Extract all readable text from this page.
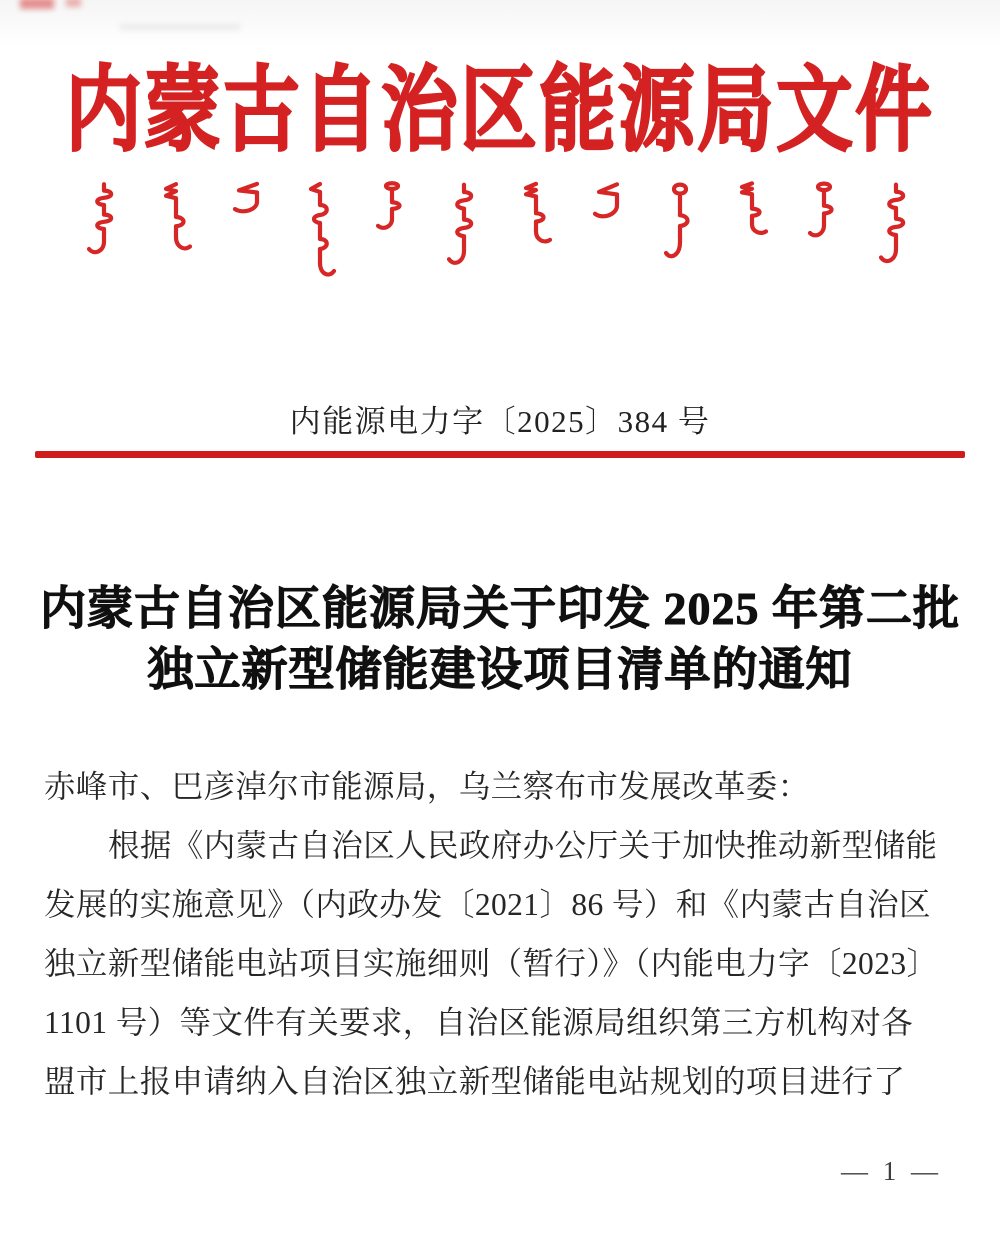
内蒙古自治区能源局文件
内能源电力字〔2025〕384 号
内蒙古自治区能源局关于印发 2025 年第二批
独立新型储能建设项目清单的通知
赤峰市、巴彦淖尔市能源局，乌兰察布市发展改革委：
根据《内蒙古自治区人民政府办公厅关于加快推动新型储能
发展的实施意见》（内政办发〔2021〕86 号）和《内蒙古自治区
独立新型储能电站项目实施细则（暂行）》（内能电力字〔2023〕
1101 号）等文件有关要求，自治区能源局组织第三方机构对各
盟市上报申请纳入自治区独立新型储能电站规划的项目进行了
— 1 —
